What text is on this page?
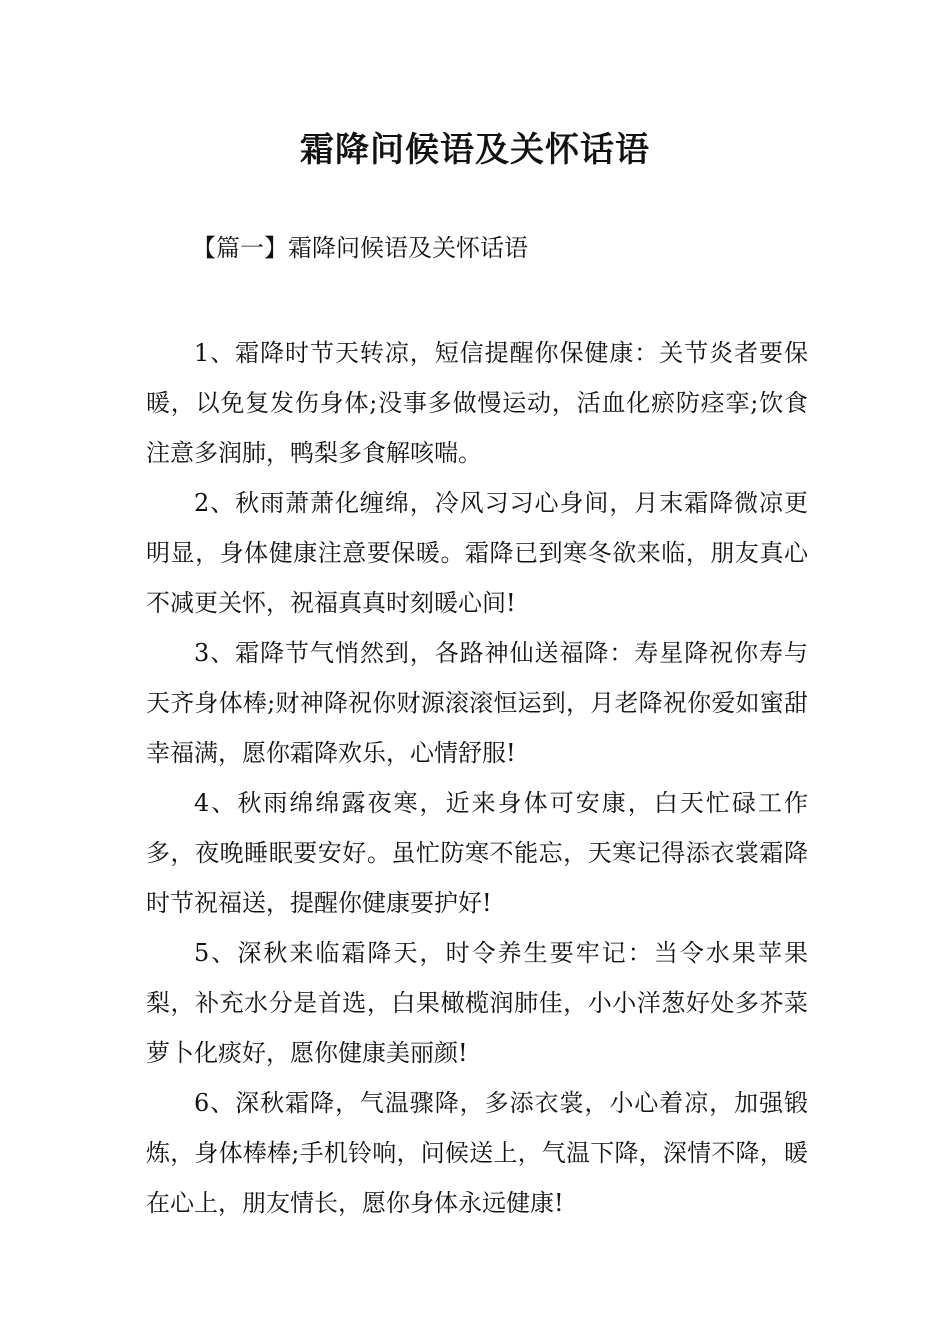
霜降问候语及关怀话语
【篇一】霜降问候语及关怀话语

1、霜降时节天转凉，短信提醒你保健康：关节炎者要保暖，以免复发伤身体;没事多做慢运动，活血化瘀防痉挛;饮食注意多润肺，鸭梨多食解咳喘。

2、秋雨萧萧化缠绵，冷风习习心身间，月末霜降微凉更明显，身体健康注意要保暖。霜降已到寒冬欲来临，朋友真心不减更关怀，祝福真真时刻暖心间!

3、霜降节气悄然到，各路神仙送福降：寿星降祝你寿与天齐身体棒;财神降祝你财源滚滚恒运到，月老降祝你爱如蜜甜幸福满，愿你霜降欢乐，心情舒服!

4、秋雨绵绵露夜寒，近来身体可安康，白天忙碌工作多，夜晚睡眠要安好。虽忙防寒不能忘，天寒记得添衣裳霜降时节祝福送，提醒你健康要护好!

5、深秋来临霜降天，时令养生要牢记：当令水果苹果梨，补充水分是首选，白果橄榄润肺佳，小小洋葱好处多芥菜萝卜化痰好，愿你健康美丽颜!

6、深秋霜降，气温骤降，多添衣裳，小心着凉，加强锻炼，身体棒棒;手机铃响，问候送上，气温下降，深情不降，暖在心上，朋友情长，愿你身体永远健康!
